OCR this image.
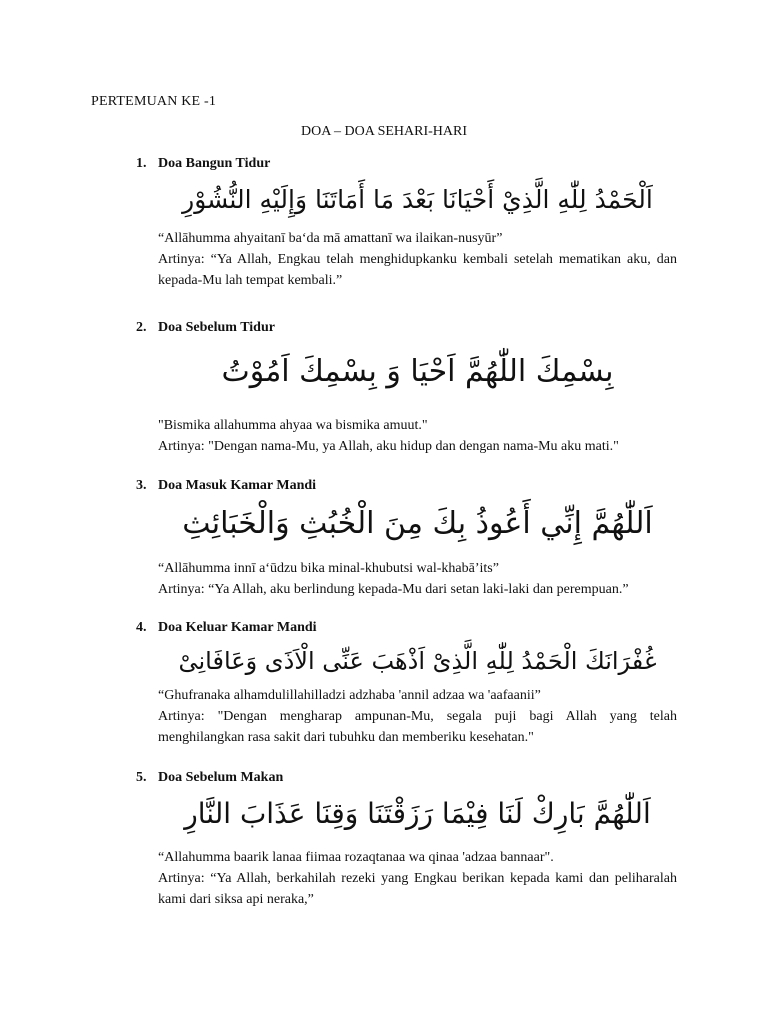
PERTEMUAN KE -1
DOA – DOA SEHARI-HARI
1. Doa Bangun Tidur
اَلْحَمْدُ لِلّٰهِ الَّذِيْ أَحْيَانَا بَعْدَ مَا أَمَاتَنَا وَإِلَيْهِ النُّشُوْرِ
“Allāhumma ahyaitanī ba‘da mā amattanī wa ilaikan-nusyūr”
Artinya: “Ya Allah, Engkau telah menghidupkanku kembali setelah mematikan aku, dan kepada-Mu lah tempat kembali.”
2. Doa Sebelum Tidur
بِسْمِكَ اللّٰهُمَّ اَحْيَا وَ بِسْمِكَ اَمُوْتُ
"Bismika allahumma ahyaa wa bismika amuut."
Artinya: "Dengan nama-Mu, ya Allah, aku hidup dan dengan nama-Mu aku mati."
3. Doa Masuk Kamar Mandi
اَللّٰهُمَّ إِنِّي أَعُوذُ بِكَ مِنَ الْخُبُثِ وَالْخَبَائِثِ
“Allāhumma innī a‘ūdzu bika minal-khubutsi wal-khabā’its”
Artinya: “Ya Allah, aku berlindung kepada-Mu dari setan laki-laki dan perempuan.”
4. Doa Keluar Kamar Mandi
غُفْرَانَكَ الْحَمْدُ لِلّٰهِ الَّذِىْ اَذْهَبَ عَنِّى الْاَذَى وَعَافَانِىْ
“Ghufranaka alhamdulillahilladzi adzhaba 'annil adzaa wa 'aafaanii”
Artinya: "Dengan mengharap ampunan-Mu, segala puji bagi Allah yang telah menghilangkan rasa sakit dari tubuhku dan memberiku kesehatan."
5. Doa Sebelum Makan
اَللّٰهُمَّ بَارِكْ لَنَا فِيْمَا رَزَقْتَنَا وَقِنَا عَذَابَ النَّارِ
“Allahumma baarik lanaa fiimaa rozaqtanaa wa qinaa 'adzaa bannaar".
Artinya: “Ya Allah, berkahilah rezeki yang Engkau berikan kepada kami dan peliharalah kami dari siksa api neraka,”
